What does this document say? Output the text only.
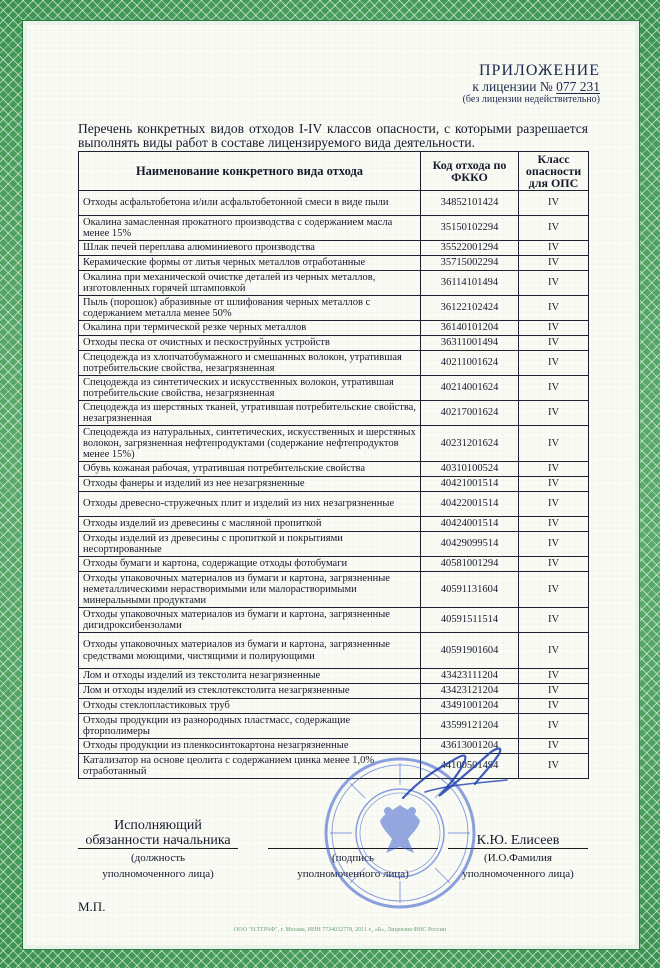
ПРИЛОЖЕНИЕ
к лицензии № 077 231
(без лицензии недействительно)
Перечень конкретных видов отходов I-IV классов опасности, с которыми разрешается выполнять виды работ в составе лицензируемого вида деятельности.
Наименование конкретного вида отхода	Код отхода по ФККО	Класс опасности для ОПС
Отходы асфальтобетона и/или асфальтобетонной смеси в виде пыли	34852101424	IV
Окалина замасленная прокатного производства с содержанием масла менее 15%	35150102294	IV
Шлак печей переплава алюминиевого производства	35522001294	IV
Керамические формы от литья черных металлов отработанные	35715002294	IV
Окалина при механической очистке деталей из черных металлов, изготовленных горячей штамповкой	36114101494	IV
Пыль (порошок) абразивные от шлифования черных металлов с содержанием металла менее 50%	36122102424	IV
Окалина при термической резке черных металлов	36140101204	IV
Отходы песка от очистных и пескоструйных устройств	36311001494	IV
Спецодежда из хлопчатобумажного и смешанных волокон, утратившая потребительские свойства, незагрязненная	40211001624	IV
Спецодежда из синтетических и искусственных волокон, утратившая потребительские свойства, незагрязненная	40214001624	IV
Спецодежда из шерстяных тканей, утратившая потребительские свойства, незагрязненная	40217001624	IV
Спецодежда из натуральных, синтетических, искусственных и шерстяных волокон, загрязненная нефтепродуктами (содержание нефтепродуктов менее 15%)	40231201624	IV
Обувь кожаная рабочая, утратившая потребительские свойства	40310100524	IV
Отходы фанеры и изделий из нее незагрязненные	40421001514	IV
Отходы древесно-стружечных плит и изделий из них незагрязненные	40422001514	IV
Отходы изделий из древесины с масляной пропиткой	40424001514	IV
Отходы изделий из древесины с пропиткой и покрытиями несортированные	40429099514	IV
Отходы бумаги и картона, содержащие отходы фотобумаги	40581001294	IV
Отходы упаковочных материалов из бумаги и картона, загрязненные неметаллическими нерастворимыми или малорастворимыми минеральными продуктами	40591131604	IV
Отходы упаковочных материалов из бумаги и картона, загрязненные дигидроксибензолами	40591511514	IV
Отходы упаковочных материалов из бумаги и картона, загрязненные средствами моющими, чистящими и полирующими	40591901604	IV
Лом и отходы изделий из текстолита незагрязненные	43423111204	IV
Лом и отходы изделий из стеклотекстолита незагрязненные	43423121204	IV
Отходы стеклопластиковых труб	43491001204	IV
Отходы продукции из разнородных пластмасс, содержащие фторполимеры	43599121204	IV
Отходы продукции из пленкосинтокартона незагрязненные	43613001204	IV
Катализатор на основе цеолита с содержанием цинка менее 1,0% отработанный	44100501494	IV
Исполняющий
обязанности начальника
(должность
уполномоченного лица)
(подпись
уполномоченного лица)
К.Ю. Елисеев
(И.О.Фамилия
уполномоченного лица)
М.П.
ООО "Н.ТГРАФ", г. Москва, ИНН 7734032778, 2011 г., «Б», Лицензия ФНС России
